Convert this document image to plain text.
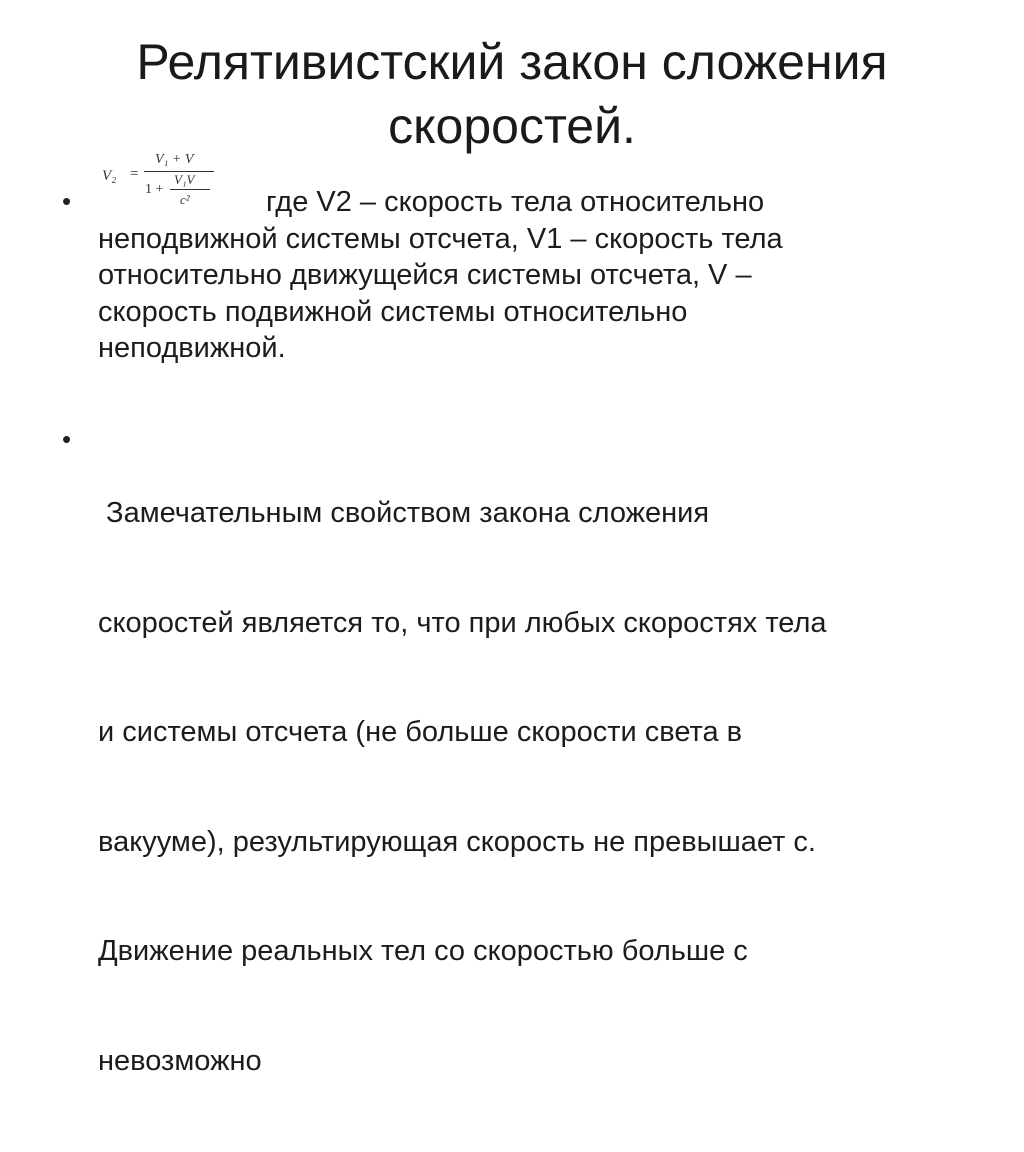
Релятивистский закон сложения
скоростей.
•
V₂ =
V₁ + V
1 +
V₁V
c²	где V2 – скорость тела относительно
неподвижной системы отсчета, V1 – скорость тела
относительно движущейся системы отсчета, V –
скорость подвижной системы относительно
неподвижной.
•

Замечательным свойством закона сложения

скоростей является то, что при любых скоростях тела

и системы отсчета (не больше скорости света в

вакууме), результирующая скорость не превышает с.

Движение реальных тел со скоростью больше с

невозможно
